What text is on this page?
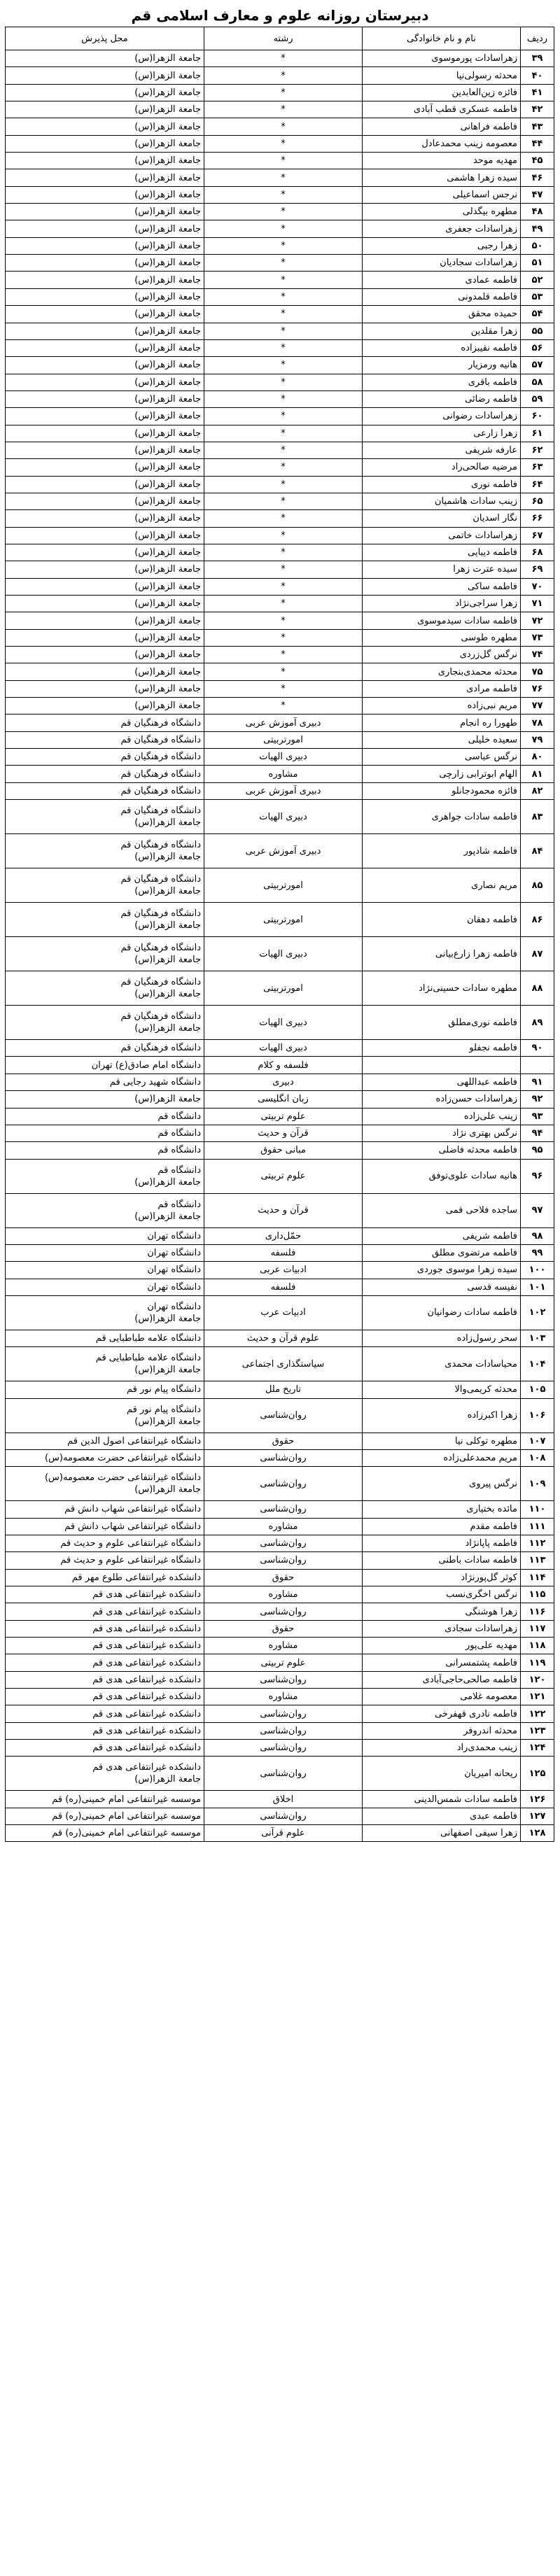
دبیرستان روزانه علوم و معارف اسلامی قم
ردیف	نام و نام خانوادگی	رشته	محل پذیرش
۳۹	زهراسادات پورموسوی	*	جامعة الزهرا(س)

۴۰	محدثه رسولی‌نیا	*	جامعة الزهرا(س)

۴۱	فائزه زین‌العابدین	*	جامعة الزهرا(س)

۴۲	فاطمه عسکری قطب آبادی	*	جامعة الزهرا(س)

۴۳	فاطمه فراهانی	*	جامعة الزهرا(س)

۴۴	معصومه زینب محمدعادل	*	جامعة الزهرا(س)

۴۵	مهدیه موحد	*	جامعة الزهرا(س)

۴۶	سیده زهرا هاشمی	*	جامعة الزهرا(س)

۴۷	نرجس اسماعیلی	*	جامعة الزهرا(س)

۴۸	مطهره بیگدلی	*	جامعة الزهرا(س)

۴۹	زهراسادات جعفری	*	جامعة الزهرا(س)

۵۰	زهرا رجبی	*	جامعة الزهرا(س)

۵۱	زهراسادات سجادیان	*	جامعة الزهرا(س)

۵۲	فاطمه عمادی	*	جامعة الزهرا(س)

۵۳	فاطمه قلمدونی	*	جامعة الزهرا(س)

۵۴	حمیده محقق	*	جامعة الزهرا(س)

۵۵	زهرا مقلدین	*	جامعة الزهرا(س)

۵۶	فاطمه نقیبزاده	*	جامعة الزهرا(س)

۵۷	هانیه ورمزیار	*	جامعة الزهرا(س)

۵۸	فاطمه باقری	*	جامعة الزهرا(س)

۵۹	فاطمه رضائی	*	جامعة الزهرا(س)

۶۰	زهراسادات رضوانی	*	جامعة الزهرا(س)

۶۱	زهرا زارعی	*	جامعة الزهرا(س)

۶۲	عارفه شریفی	*	جامعة الزهرا(س)

۶۳	مرضیه صالحی‌راد	*	جامعة الزهرا(س)

۶۴	فاطمه نوری	*	جامعة الزهرا(س)

۶۵	زینب سادات هاشمیان	*	جامعة الزهرا(س)

۶۶	نگار اسدیان	*	جامعة الزهرا(س)

۶۷	زهراسادات خاتمی	*	جامعة الزهرا(س)

۶۸	فاطمه دیبایی	*	جامعة الزهرا(س)

۶۹	سیده عترت زهرا	*	جامعة الزهرا(س)

۷۰	فاطمه ساکی	*	جامعة الزهرا(س)

۷۱	زهرا سراجی‌نژاد	*	جامعة الزهرا(س)

۷۲	فاطمه سادات سیدموسوی	*	جامعة الزهرا(س)

۷۳	مطهره طوسی	*	جامعة الزهرا(س)

۷۴	نرگس گل‌زردی	*	جامعة الزهرا(س)

۷۵	محدثه محمدی‌بنجاری	*	جامعة الزهرا(س)

۷۶	فاطمه مرادی	*	جامعة الزهرا(س)

۷۷	مریم نبی‌زاده	*	جامعة الزهرا(س)

۷۸	طهورا ره انجام	دبیری آموزش عربی	دانشگاه فرهنگیان قم

۷۹	سعیده خلیلی	امورتربیتی	دانشگاه فرهنگیان قم

۸۰	نرگس عباسی	دبیری الهیات	دانشگاه فرهنگیان قم

۸۱	الهام ابوترابی زارچی	مشاوره	دانشگاه فرهنگیان قم

۸۲	فائزه محمودجانلو	دبیری آموزش عربی	دانشگاه فرهنگیان قم

۸۳	فاطمه سادات جواهری	دبیری الهیات	دانشگاه فرهنگیان قم
جامعة الزهرا(س)

۸۴	فاطمه شادپور	دبیری آموزش عربی	دانشگاه فرهنگیان قم
جامعة الزهرا(س)

۸۵	مریم نصاری	امورتربیتی	دانشگاه فرهنگیان قم
جامعة الزهرا(س)

۸۶	فاطمه دهقان	امورتربیتی	دانشگاه فرهنگیان قم
جامعة الزهرا(س)

۸۷	فاطمه زهرا زارع‌بیانی	دبیری الهیات	دانشگاه فرهنگیان قم
جامعة الزهرا(س)

۸۸	مطهره سادات حسینی‌نژاد	امورتربیتی	دانشگاه فرهنگیان قم
جامعة الزهرا(س)

۸۹	فاطمه نوری‌مطلق	دبیری الهیات	دانشگاه فرهنگیان قم
جامعة الزهرا(س)

۹۰	فاطمه نجفلو	دبیری الهیات	دانشگاه فرهنگیان قم

		فلسفه و کلام	دانشگاه امام صادق(ع) تهران

۹۱	فاطمه عبداللهی	دبیری	دانشگاه شهید رجایی قم

۹۲	زهراسادات حسن‌زاده	زبان انگلیسی	جامعة الزهرا(س)

۹۳	زینب علی‌زاده	علوم تربیتی	دانشگاه قم

۹۴	نرگس بهتری نژاد	قرآن و حدیث	دانشگاه قم

۹۵	فاطمه محدثه فاضلی	مبانی حقوق	دانشگاه قم

۹۶	هانیه سادات علوی‌توفق	علوم تربیتی	دانشگاه قم
جامعة الزهرا(س)

۹۷	ساجده فلاحی قمی	قرآن و حدیث	دانشگاه قم
جامعة الزهرا(س)

۹۸	فاطمه شریفی	حمّل‌داری	دانشگاه تهران

۹۹	فاطمه مرتضوی مطلق	فلسفه	دانشگاه تهران

۱۰۰	سیده زهرا موسوی جوردی	ادبیات عربی	دانشگاه تهران

۱۰۱	نفیسه قدسی	فلسفه	دانشگاه تهران

۱۰۲	فاطمه سادات رضوانیان	ادبیات عرب	دانشگاه تهران
جامعة الزهرا(س)

۱۰۳	سحر رسول‌زاده	علوم قرآن و حدیث	دانشگاه علامه طباطبایی قم

۱۰۴	محیاسادات محمدی	سیاستگذاری اجتماعی	دانشگاه علامه طباطبایی قم
جامعة الزهرا(س)

۱۰۵	محدثه کریمی‌والا	تاریخ ملل	دانشگاه پیام نور قم

۱۰۶	زهرا اکبرزاده	روان‌شناسی	دانشگاه پیام نور قم
جامعة الزهرا(س)

۱۰۷	مطهره توکلی نیا	حقوق	دانشگاه غیرانتفاعی اصول الدین قم

۱۰۸	مریم محمدعلی‌زاده	روان‌شناسی	دانشگاه غیرانتفاعی حضرت معصومه(س)

۱۰۹	نرگس پیروی	روان‌شناسی	دانشگاه غیرانتفاعی حضرت معصومه(س)
جامعة الزهرا(س)

۱۱۰	مائده بختیاری	روان‌شناسی	دانشگاه غیرانتفاعی شهاب دانش قم

۱۱۱	فاطمه مقدم	مشاوره	دانشگاه غیرانتفاعی شهاب دانش قم

۱۱۲	فاطمه پاپانژاد	روان‌شناسی	دانشگاه غیرانتفاعی علوم و حدیث قم

۱۱۳	فاطمه سادات باطنی	روان‌شناسی	دانشگاه غیرانتفاعی علوم و حدیث قم

۱۱۴	کوثر گل‌پورنژاد	حقوق	دانشکده غیرانتفاعی طلوع مهر قم

۱۱۵	نرگس اخگری‌نسب	مشاوره	دانشکده غیرانتفاعی هدی قم

۱۱۶	زهرا هوشنگی	روان‌شناسی	دانشکده غیرانتفاعی هدی قم

۱۱۷	زهراسادات سجادی	حقوق	دانشکده غیرانتفاعی هدی قم

۱۱۸	مهدیه علی‌پور	مشاوره	دانشکده غیرانتفاعی هدی قم

۱۱۹	فاطمه پشتمسرانی	علوم تربیتی	دانشکده غیرانتفاعی هدی قم

۱۲۰	فاطمه صالحی‌حاجی‌آبادی	روان‌شناسی	دانشکده غیرانتفاعی هدی قم

۱۲۱	معصومه غلامی	مشاوره	دانشکده غیرانتفاعی هدی قم

۱۲۲	فاطمه نادری قهفرخی	روان‌شناسی	دانشکده غیرانتفاعی هدی قم

۱۲۳	محدثه اندروفر	روان‌شناسی	دانشکده غیرانتفاعی هدی قم

۱۲۴	زینب محمدی‌راد	روان‌شناسی	دانشکده غیرانتفاعی هدی قم

۱۲۵	ریحانه امیریان	روان‌شناسی	دانشکده غیرانتفاعی هدی قم
جامعة الزهرا(س)

۱۲۶	فاطمه سادات شمس‌الدینی	اخلاق	موسسه غیرانتفاعی امام خمینی(ره) قم

۱۲۷	فاطمه عبدی	روان‌شناسی	موسسه غیرانتفاعی امام خمینی(ره) قم

۱۲۸	زهرا سیفی اصفهانی	علوم قرآنی	موسسه غیرانتفاعی امام خمینی(ره) قم
